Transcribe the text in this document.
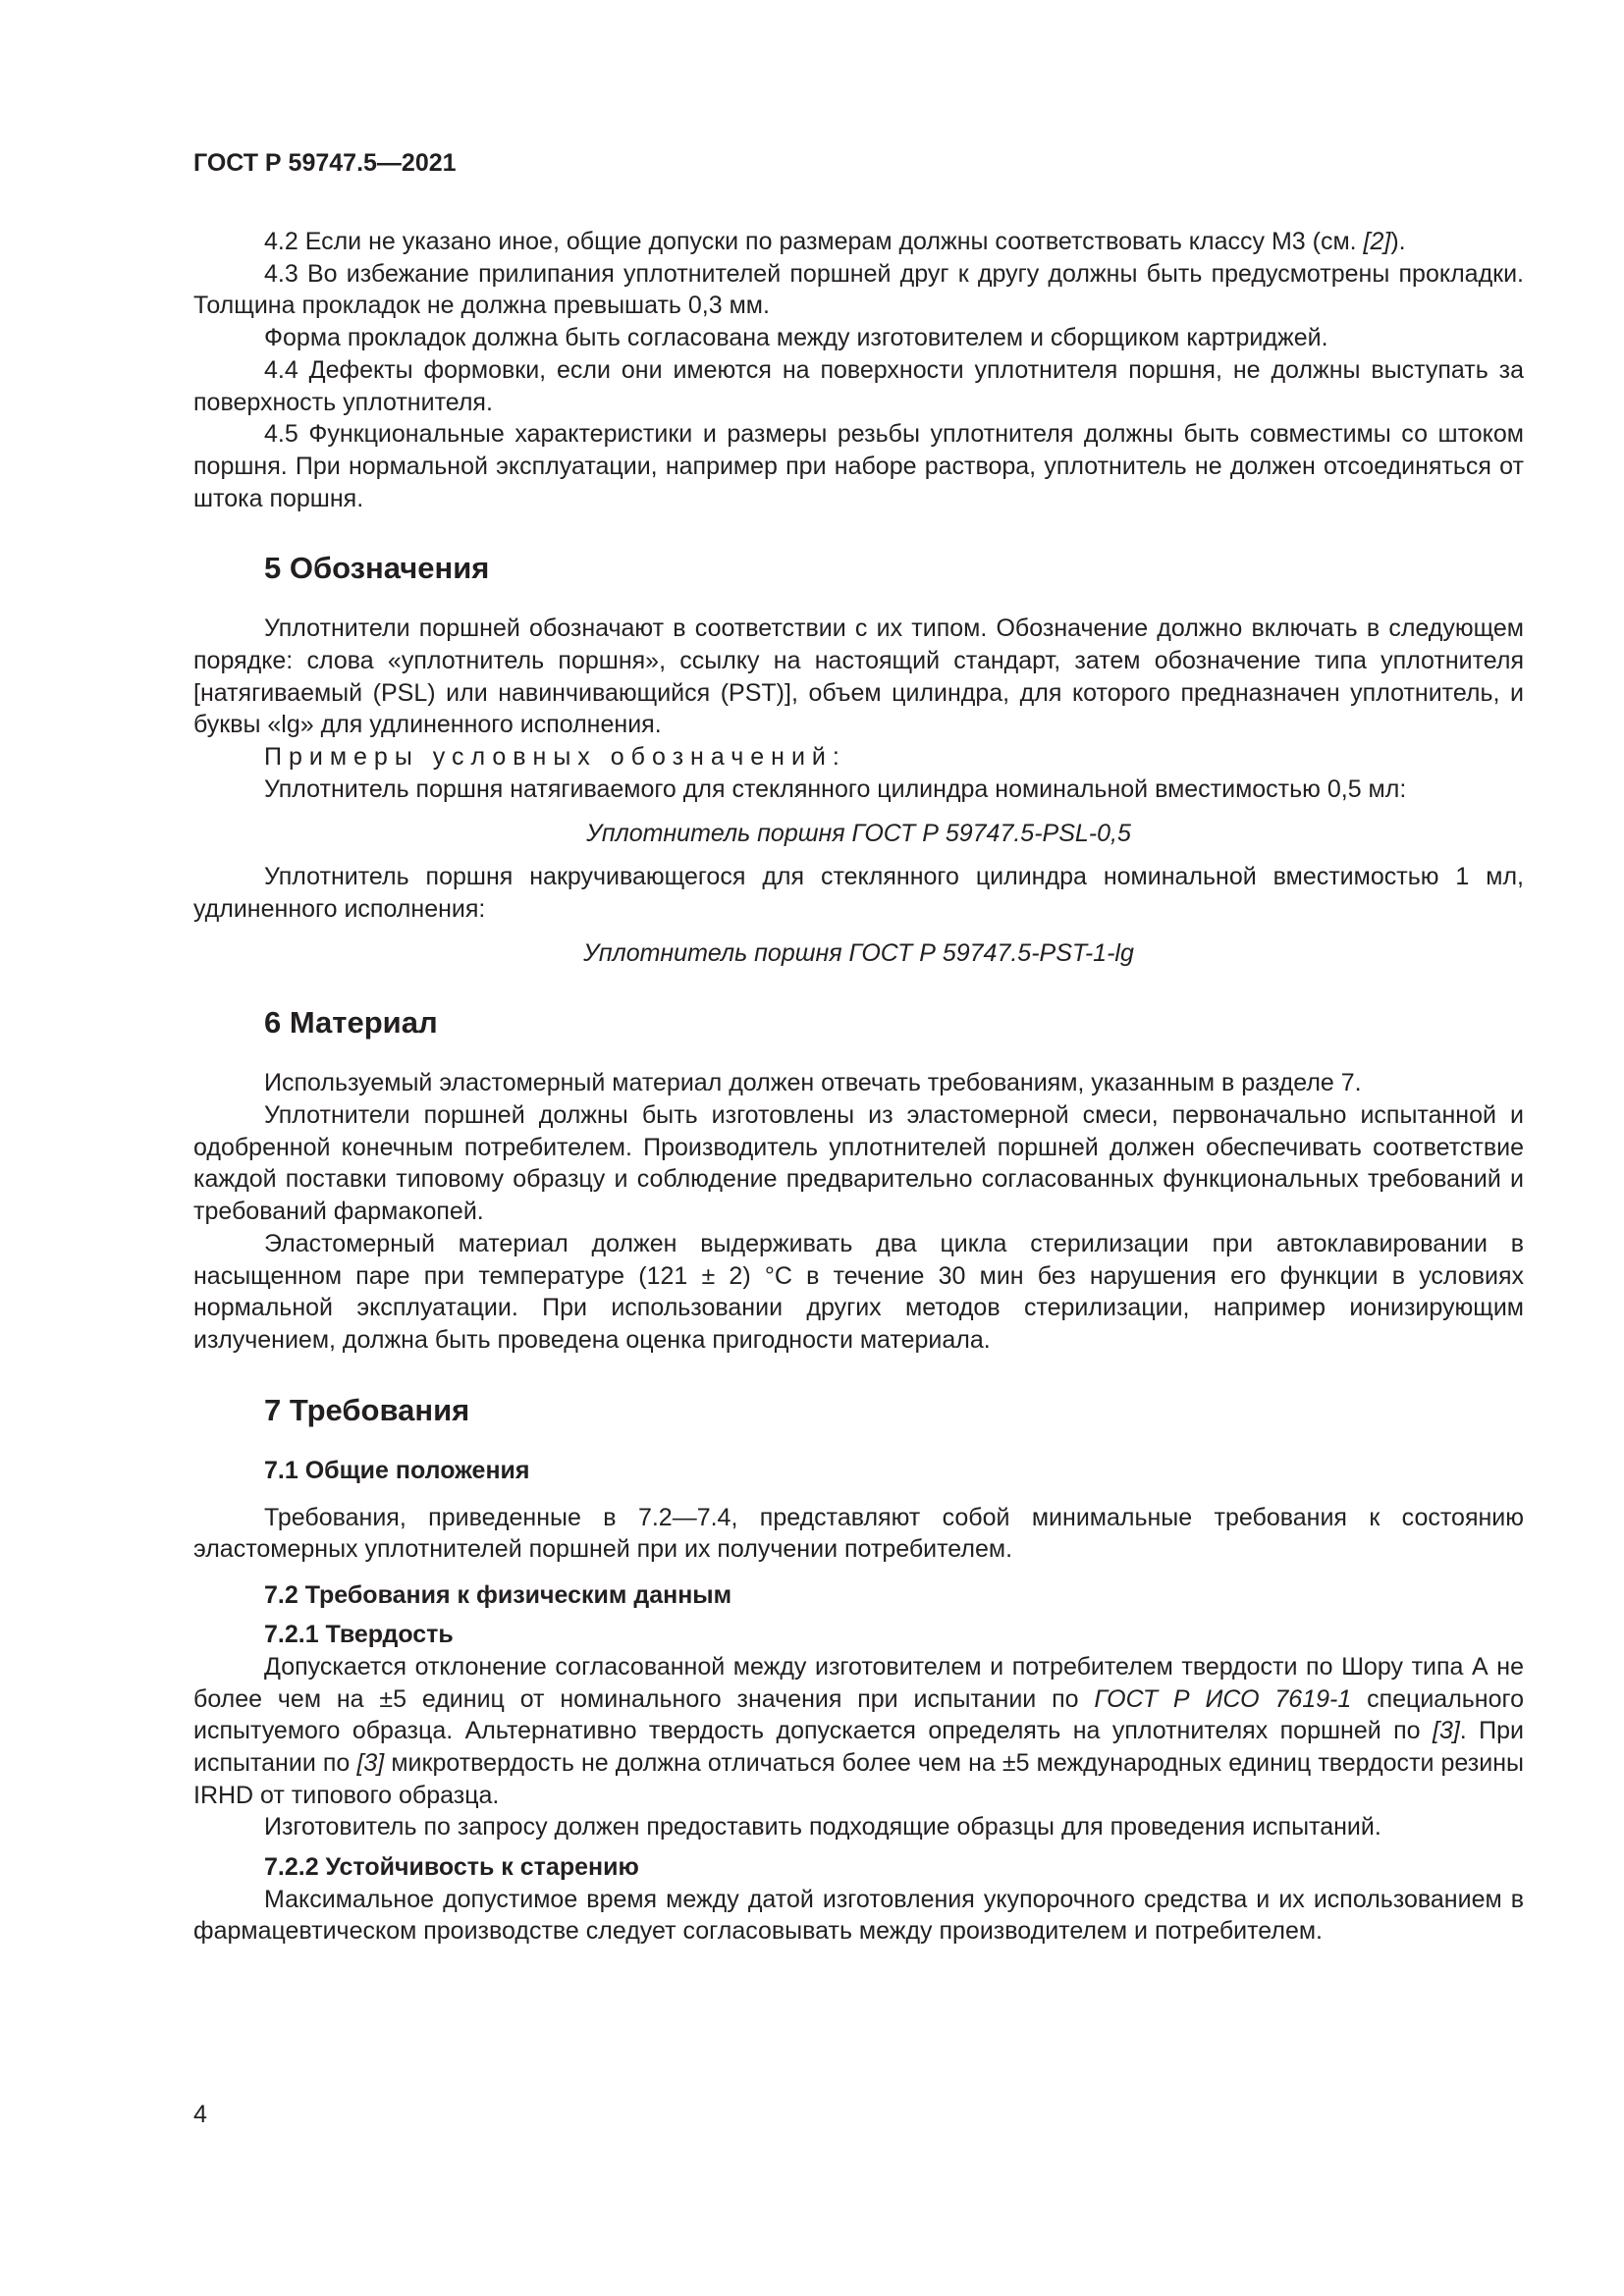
ГОСТ Р 59747.5—2021

4.2 Если не указано иное, общие допуски по размерам должны соответствовать классу M3 (см. [2]).

4.3 Во избежание прилипания уплотнителей поршней друг к другу должны быть предусмотрены прокладки. Толщина прокладок не должна превышать 0,3 мм.

Форма прокладок должна быть согласована между изготовителем и сборщиком картриджей.

4.4 Дефекты формовки, если они имеются на поверхности уплотнителя поршня, не должны выступать за поверхность уплотнителя.

4.5 Функциональные характеристики и размеры резьбы уплотнителя должны быть совместимы со штоком поршня. При нормальной эксплуатации, например при наборе раствора, уплотнитель не должен отсоединяться от штока поршня.

5 Обозначения

Уплотнители поршней обозначают в соответствии с их типом. Обозначение должно включать в следующем порядке: слова «уплотнитель поршня», ссылку на настоящий стандарт, затем обозначение типа уплотнителя [натягиваемый (PSL) или навинчивающийся (PST)], объем цилиндра, для которого предназначен уплотнитель, и буквы «lg» для удлиненного исполнения.

Примеры условных обозначений:

Уплотнитель поршня натягиваемого для стеклянного цилиндра номинальной вместимостью 0,5 мл:

Уплотнитель поршня ГОСТ Р 59747.5-PSL-0,5

Уплотнитель поршня накручивающегося для стеклянного цилиндра номинальной вместимостью 1 мл, удлиненного исполнения:

Уплотнитель поршня ГОСТ Р 59747.5-PST-1-lg

6 Материал

Используемый эластомерный материал должен отвечать требованиям, указанным в разделе 7.

Уплотнители поршней должны быть изготовлены из эластомерной смеси, первоначально испытанной и одобренной конечным потребителем. Производитель уплотнителей поршней должен обеспечивать соответствие каждой поставки типовому образцу и соблюдение предварительно согласованных функциональных требований и требований фармакопей.

Эластомерный материал должен выдерживать два цикла стерилизации при автоклавировании в насыщенном паре при температуре (121 ± 2) °C в течение 30 мин без нарушения его функции в условиях нормальной эксплуатации. При использовании других методов стерилизации, например ионизирующим излучением, должна быть проведена оценка пригодности материала.

7 Требования
7.1 Общие положения

Требования, приведенные в 7.2—7.4, представляют собой минимальные требования к состоянию эластомерных уплотнителей поршней при их получении потребителем.

7.2 Требования к физическим данным
7.2.1 Твердость

Допускается отклонение согласованной между изготовителем и потребителем твердости по Шору типа А не более чем на ±5 единиц от номинального значения при испытании по ГОСТ Р ИСО 7619-1 специального испытуемого образца. Альтернативно твердость допускается определять на уплотнителях поршней по [3]. При испытании по [3] микротвердость не должна отличаться более чем на ±5 международных единиц твердости резины IRHD от типового образца.

Изготовитель по запросу должен предоставить подходящие образцы для проведения испытаний.

7.2.2 Устойчивость к старению

Максимальное допустимое время между датой изготовления укупорочного средства и их использованием в фармацевтическом производстве следует согласовывать между производителем и потребителем.

4
